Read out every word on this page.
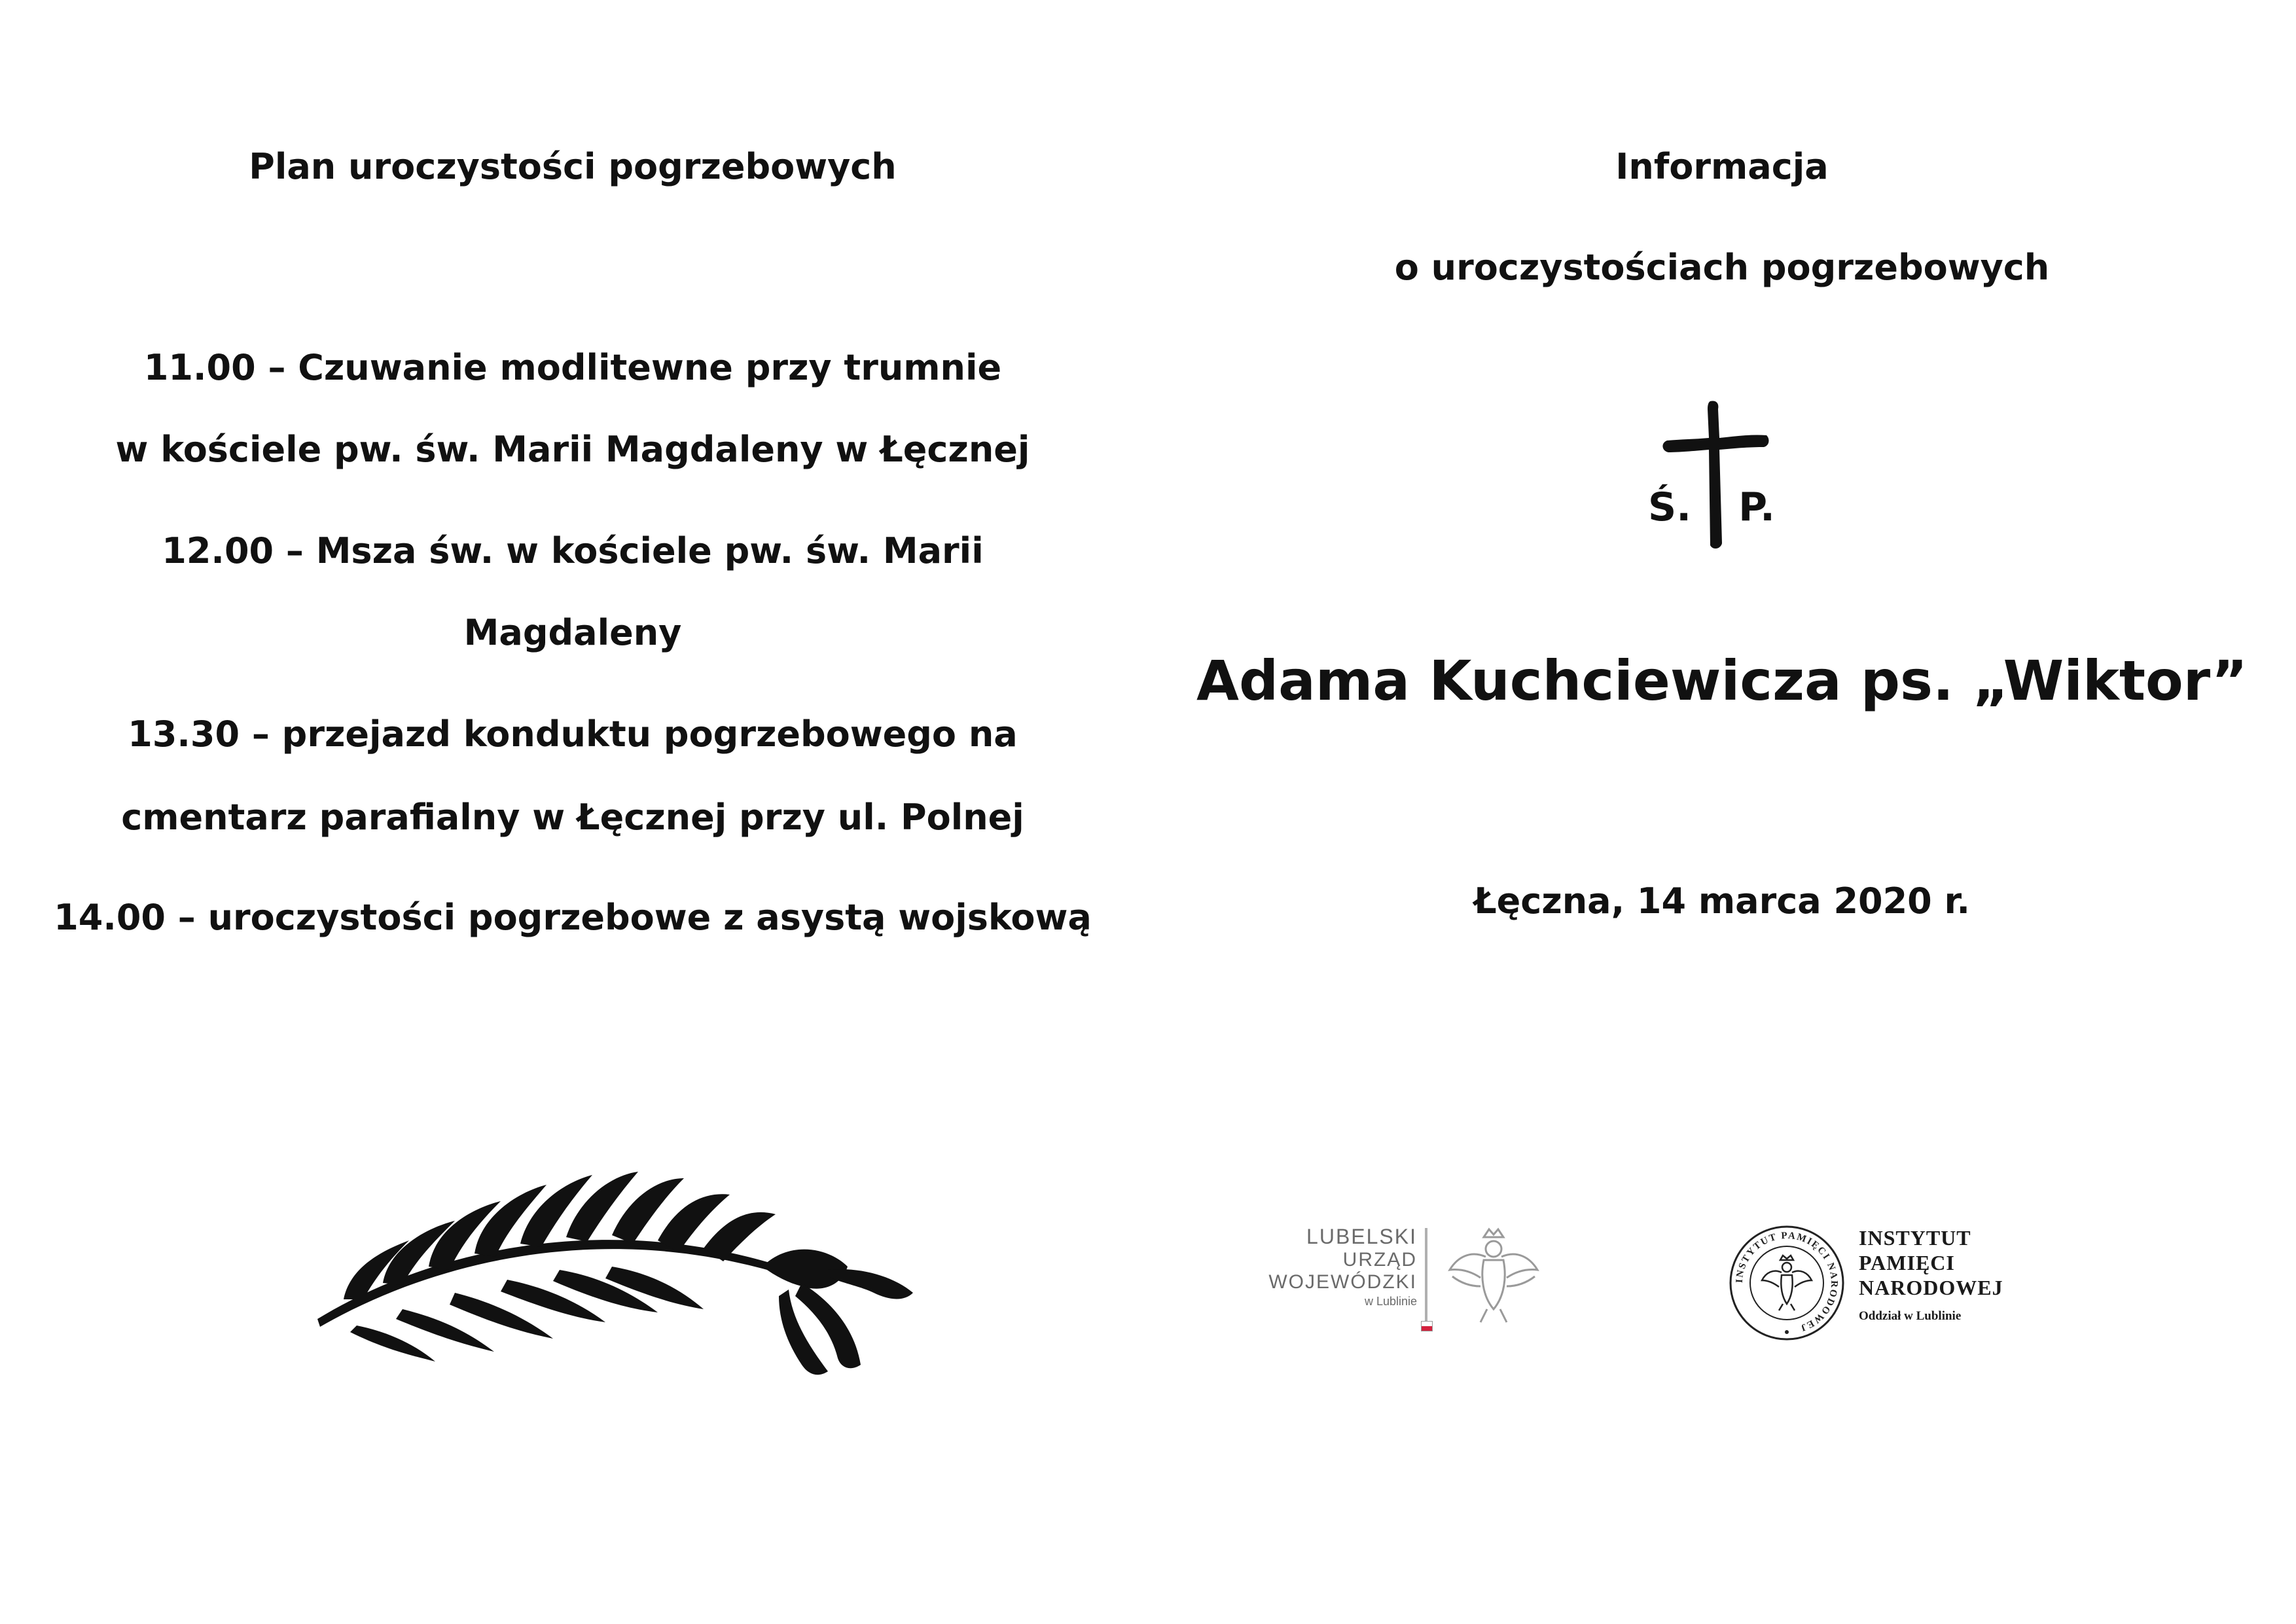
Plan uroczystości pogrzebowych
11.00 – Czuwanie modlitewne przy trumnie
w kościele pw. św. Marii Magdaleny w Łęcznej
12.00 – Msza św. w kościele pw. św. Marii
Magdaleny
13.30 – przejazd konduktu pogrzebowego na
cmentarz parafialny w Łęcznej przy ul. Polnej
14.00 – uroczystości pogrzebowe z asystą wojskową
Informacja
o uroczystościach pogrzebowych
Ś. P.
Adama Kuchciewicza ps. „Wiktor”
Łęczna, 14 marca 2020 r.
LUBELSKI
URZĄD
WOJEWÓDZKI
w Lublinie
INSTYTUT PAMIĘCI NARODOWEJ
INSTYTUT
PAMIĘCI
NARODOWEJ
Oddział w Lublinie
